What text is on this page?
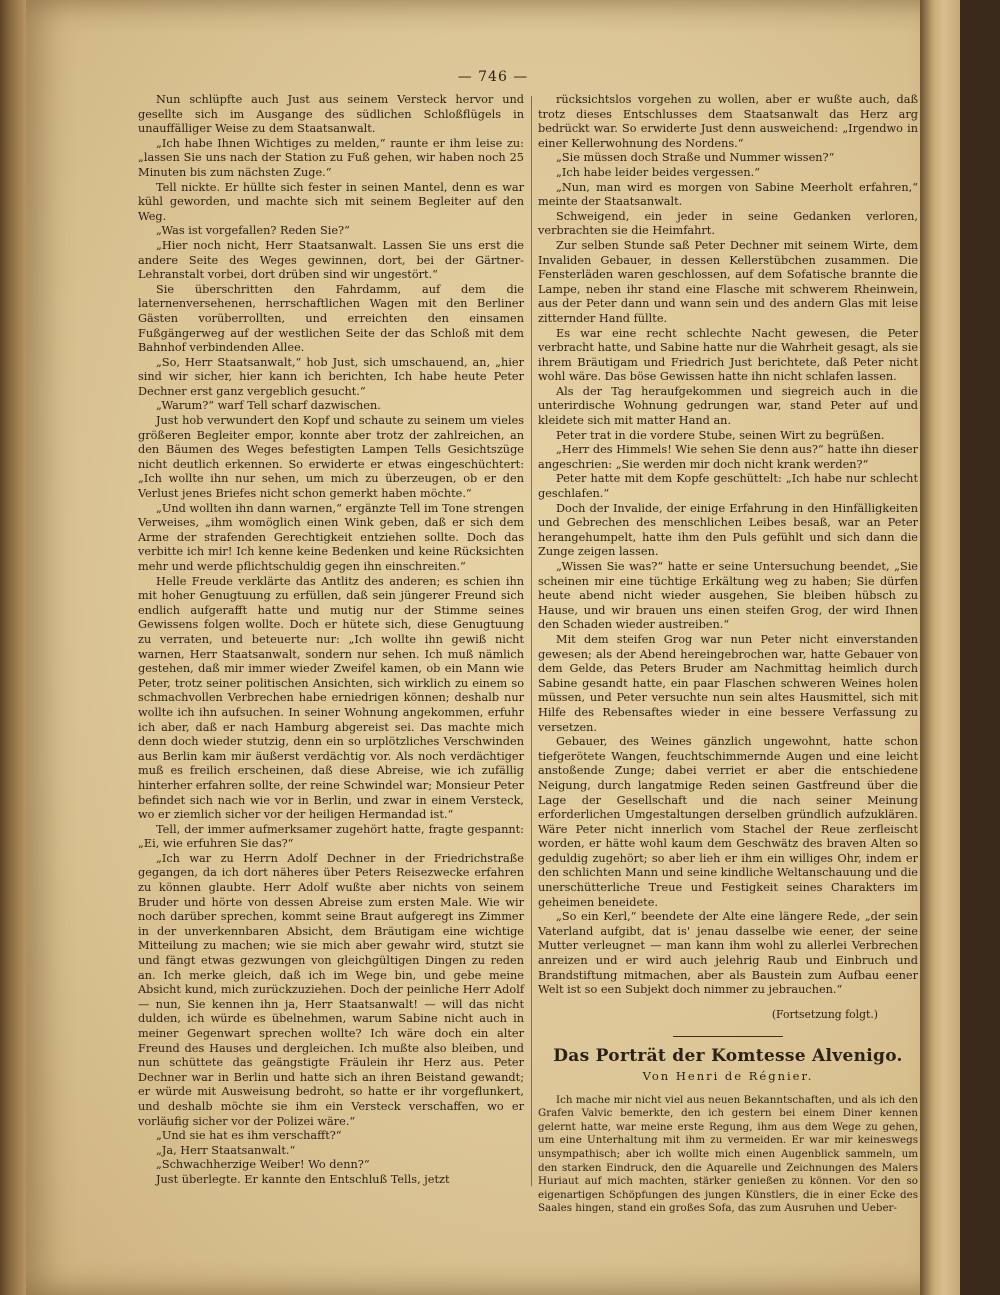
— 746 —

Nun schlüpfte auch Just aus seinem Versteck hervor und gesellte sich im Ausgange des südlichen Schloßflügels in unauffälliger Weise zu dem Staatsanwalt.

„Ich habe Ihnen Wichtiges zu melden,“ raunte er ihm leise zu: „lassen Sie uns nach der Station zu Fuß gehen, wir haben noch 25 Minuten bis zum nächsten Zuge.“

Tell nickte. Er hüllte sich fester in seinen Mantel, denn es war kühl geworden, und machte sich mit seinem Begleiter auf den Weg.

„Was ist vorgefallen? Reden Sie?“

„Hier noch nicht, Herr Staatsanwalt. Lassen Sie uns erst die andere Seite des Weges gewinnen, dort, bei der Gärtner-Lehranstalt vorbei, dort drüben sind wir ungestört.“

Sie überschritten den Fahrdamm, auf dem die laternenversehenen, herrschaftlichen Wagen mit den Berliner Gästen vorüberrollten, und erreichten den einsamen Fußgängerweg auf der westlichen Seite der das Schloß mit dem Bahnhof verbindenden Allee.

„So, Herr Staatsanwalt,“ hob Just, sich umschauend, an, „hier sind wir sicher, hier kann ich berichten, Ich habe heute Peter Dechner erst ganz vergeblich gesucht.“

„Warum?“ warf Tell scharf dazwischen.

Just hob verwundert den Kopf und schaute zu seinem um vieles größeren Begleiter empor, konnte aber trotz der zahlreichen, an den Bäumen des Weges befestigten Lampen Tells Gesichtszüge nicht deutlich erkennen. So erwiderte er etwas eingeschüchtert: „Ich wollte ihn nur sehen, um mich zu überzeugen, ob er den Verlust jenes Briefes nicht schon gemerkt haben möchte.“

„Und wollten ihn dann warnen,“ ergänzte Tell im Tone strengen Verweises, „ihm womöglich einen Wink geben, daß er sich dem Arme der strafenden Gerechtigkeit entziehen sollte. Doch das verbitte ich mir! Ich kenne keine Bedenken und keine Rücksichten mehr und werde pflichtschuldig gegen ihn einschreiten.“

Helle Freude verklärte das Antlitz des anderen; es schien ihn mit hoher Genugtuung zu erfüllen, daß sein jüngerer Freund sich endlich aufgerafft hatte und mutig nur der Stimme seines Gewissens folgen wollte. Doch er hütete sich, diese Genugtuung zu verraten, und beteuerte nur: „Ich wollte ihn gewiß nicht warnen, Herr Staatsanwalt, sondern nur sehen. Ich muß nämlich gestehen, daß mir immer wieder Zweifel kamen, ob ein Mann wie Peter, trotz seiner politischen Ansichten, sich wirklich zu einem so schmachvollen Verbrechen habe erniedrigen können; deshalb nur wollte ich ihn aufsuchen. In seiner Wohnung angekommen, erfuhr ich aber, daß er nach Hamburg abgereist sei. Das machte mich denn doch wieder stutzig, denn ein so urplötzliches Verschwinden aus Berlin kam mir äußerst verdächtig vor. Als noch verdächtiger muß es freilich erscheinen, daß diese Abreise, wie ich zufällig hinterher erfahren sollte, der reine Schwindel war; Monsieur Peter befindet sich nach wie vor in Berlin, und zwar in einem Versteck, wo er ziemlich sicher vor der heiligen Hermandad ist.“

Tell, der immer aufmerksamer zugehört hatte, fragte gespannt: „Ei, wie erfuhren Sie das?“

„Ich war zu Herrn Adolf Dechner in der Friedrichstraße gegangen, da ich dort näheres über Peters Reisezwecke erfahren zu können glaubte. Herr Adolf wußte aber nichts von seinem Bruder und hörte von dessen Abreise zum ersten Male. Wie wir noch darüber sprechen, kommt seine Braut aufgeregt ins Zimmer in der unverkennbaren Absicht, dem Bräutigam eine wichtige Mitteilung zu machen; wie sie mich aber gewahr wird, stutzt sie und fängt etwas gezwungen von gleichgültigen Dingen zu reden an. Ich merke gleich, daß ich im Wege bin, und gebe meine Absicht kund, mich zurückzuziehen. Doch der peinliche Herr Adolf — nun, Sie kennen ihn ja, Herr Staatsanwalt! — will das nicht dulden, ich würde es übelnehmen, warum Sabine nicht auch in meiner Gegenwart sprechen wollte? Ich wäre doch ein alter Freund des Hauses und dergleichen. Ich mußte also bleiben, und nun schüttete das geängstigte Fräulein ihr Herz aus. Peter Dechner war in Berlin und hatte sich an ihren Beistand gewandt; er würde mit Ausweisung bedroht, so hatte er ihr vorgeflunkert, und deshalb möchte sie ihm ein Versteck verschaffen, wo er vorläufig sicher vor der Polizei wäre.“

„Und sie hat es ihm verschafft?“

„Ja, Herr Staatsanwalt.“

„Schwachherzige Weiber! Wo denn?“

Just überlegte. Er kannte den Entschluß Tells, jetzt

rücksichtslos vorgehen zu wollen, aber er wußte auch, daß trotz dieses Entschlusses dem Staatsanwalt das Herz arg bedrückt war. So erwiderte Just denn ausweichend: „Irgendwo in einer Kellerwohnung des Nordens.“

„Sie müssen doch Straße und Nummer wissen?“

„Ich habe leider beides vergessen.“

„Nun, man wird es morgen von Sabine Meerholt erfahren,“ meinte der Staatsanwalt.

Schweigend, ein jeder in seine Gedanken verloren, verbrachten sie die Heimfahrt.

Zur selben Stunde saß Peter Dechner mit seinem Wirte, dem Invaliden Gebauer, in dessen Kellerstübchen zusammen. Die Fensterläden waren geschlossen, auf dem Sofatische brannte die Lampe, neben ihr stand eine Flasche mit schwerem Rheinwein, aus der Peter dann und wann sein und des andern Glas mit leise zitternder Hand füllte.

Es war eine recht schlechte Nacht gewesen, die Peter verbracht hatte, und Sabine hatte nur die Wahrheit gesagt, als sie ihrem Bräutigam und Friedrich Just berichtete, daß Peter nicht wohl wäre. Das böse Gewissen hatte ihn nicht schlafen lassen.

Als der Tag heraufgekommen und siegreich auch in die unterirdische Wohnung gedrungen war, stand Peter auf und kleidete sich mit matter Hand an.

Peter trat in die vordere Stube, seinen Wirt zu begrüßen.

„Herr des Himmels! Wie sehen Sie denn aus?“ hatte ihn dieser angeschrien: „Sie werden mir doch nicht krank werden?“

Peter hatte mit dem Kopfe geschüttelt: „Ich habe nur schlecht geschlafen.“

Doch der Invalide, der einige Erfahrung in den Hinfälligkeiten und Gebrechen des menschlichen Leibes besaß, war an Peter herangehumpelt, hatte ihm den Puls gefühlt und sich dann die Zunge zeigen lassen.

„Wissen Sie was?“ hatte er seine Untersuchung beendet, „Sie scheinen mir eine tüchtige Erkältung weg zu haben; Sie dürfen heute abend nicht wieder ausgehen, Sie bleiben hübsch zu Hause, und wir brauen uns einen steifen Grog, der wird Ihnen den Schaden wieder austreiben.“

Mit dem steifen Grog war nun Peter nicht einverstanden gewesen; als der Abend hereingebrochen war, hatte Gebauer von dem Gelde, das Peters Bruder am Nachmittag heimlich durch Sabine gesandt hatte, ein paar Flaschen schweren Weines holen müssen, und Peter versuchte nun sein altes Hausmittel, sich mit Hilfe des Rebensaftes wieder in eine bessere Verfassung zu versetzen.

Gebauer, des Weines gänzlich ungewohnt, hatte schon tiefgerötete Wangen, feuchtschimmernde Augen und eine leicht anstoßende Zunge; dabei verriet er aber die entschiedene Neigung, durch langatmige Reden seinen Gastfreund über die Lage der Gesellschaft und die nach seiner Meinung erforderlichen Umgestaltungen derselben gründlich aufzuklären. Wäre Peter nicht innerlich vom Stachel der Reue zerfleischt worden, er hätte wohl kaum dem Geschwätz des braven Alten so geduldig zugehört; so aber lieh er ihm ein williges Ohr, indem er den schlichten Mann und seine kindliche Weltanschauung und die unerschütterliche Treue und Festigkeit seines Charakters im geheimen beneidete.

„So ein Kerl,“ beendete der Alte eine längere Rede, „der sein Vaterland aufgibt, dat is' jenau dasselbe wie eener, der seine Mutter verleugnet — man kann ihm wohl zu allerlei Verbrechen anreizen und er wird auch jelehrig Raub und Einbruch und Brandstiftung mitmachen, aber als Baustein zum Aufbau eener Welt ist so een Subjekt doch nimmer zu jebrauchen.“

(Fortsetzung folgt.)

Das Porträt der Komtesse Alvenigo.
Von Henri de Régnier.

Ich mache mir nicht viel aus neuen Bekanntschaften, und als ich den Grafen Valvic bemerkte, den ich gestern bei einem Diner kennen gelernt hatte, war meine erste Regung, ihm aus dem Wege zu gehen, um eine Unterhaltung mit ihm zu vermeiden. Er war mir keineswegs unsympathisch; aber ich wollte mich einen Augenblick sammeln, um den starken Eindruck, den die Aquarelle und Zeichnungen des Malers Huriaut auf mich machten, stärker genießen zu können. Vor den so eigenartigen Schöpfungen des jungen Künstlers, die in einer Ecke des Saales hingen, stand ein großes Sofa, das zum Ausruhen und Ueber-
